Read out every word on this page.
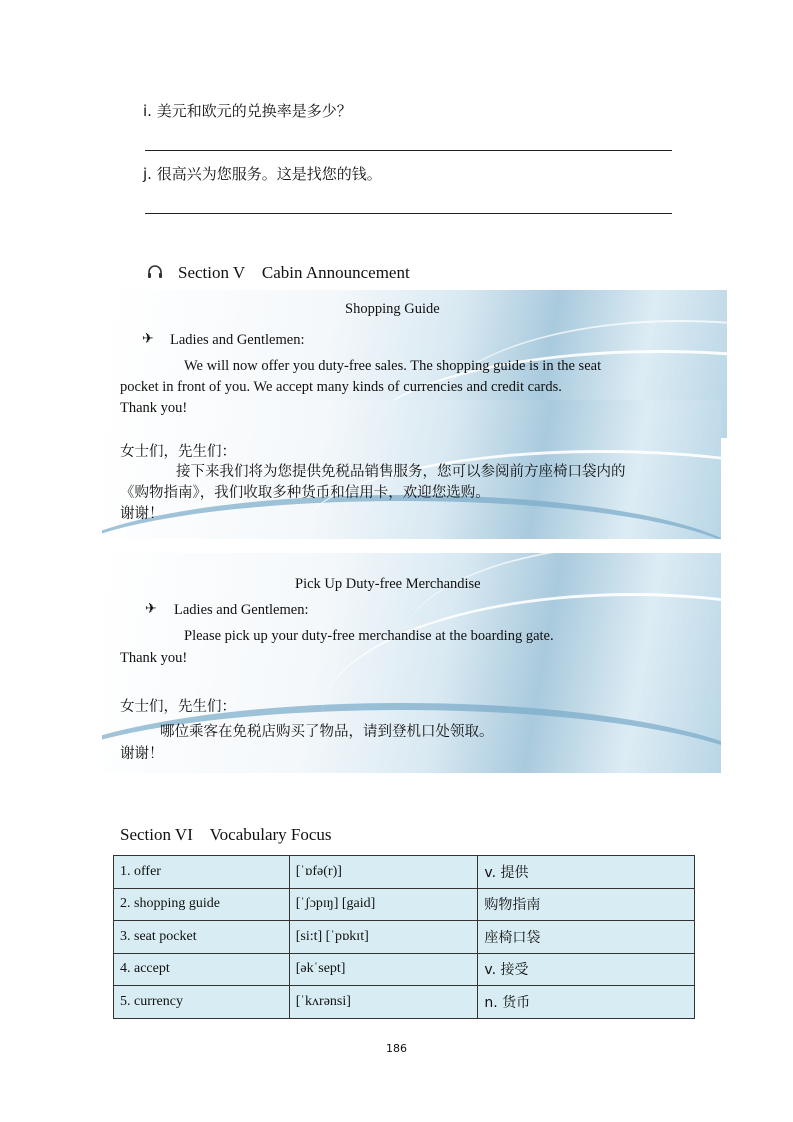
i. 美元和欧元的兑换率是多少？
j. 很高兴为您服务。这是找您的钱。
Section V    Cabin Announcement
Shopping Guide
✈ Ladies and Gentlemen:
We will now offer you duty-free sales. The shopping guide is in the seat
pocket in front of you. We accept many kinds of currencies and credit cards.
Thank you!
女士们，先生们：
接下来我们将为您提供免税品销售服务，您可以参阅前方座椅口袋内的
《购物指南》，我们收取多种货币和信用卡，欢迎您选购。
谢谢！
Pick Up Duty-free Merchandise
✈ Ladies and Gentlemen:
Please pick up your duty-free merchandise at the boarding gate.
Thank you!
女士们，先生们：
哪位乘客在免税店购买了物品，请到登机口处领取。
谢谢！
Section VI    Vocabulary Focus
1. offer	[ˈɒfə(r)]	v. 提供
2. shopping guide	[ˈʃɔpɪŋ] [gaid]	购物指南
3. seat pocket	[si:t] [ˈpɒkɪt]	座椅口袋
4. accept	[əkˈsept]	v. 接受
5. currency	[ˈkʌrənsi]	n. 货币
186
